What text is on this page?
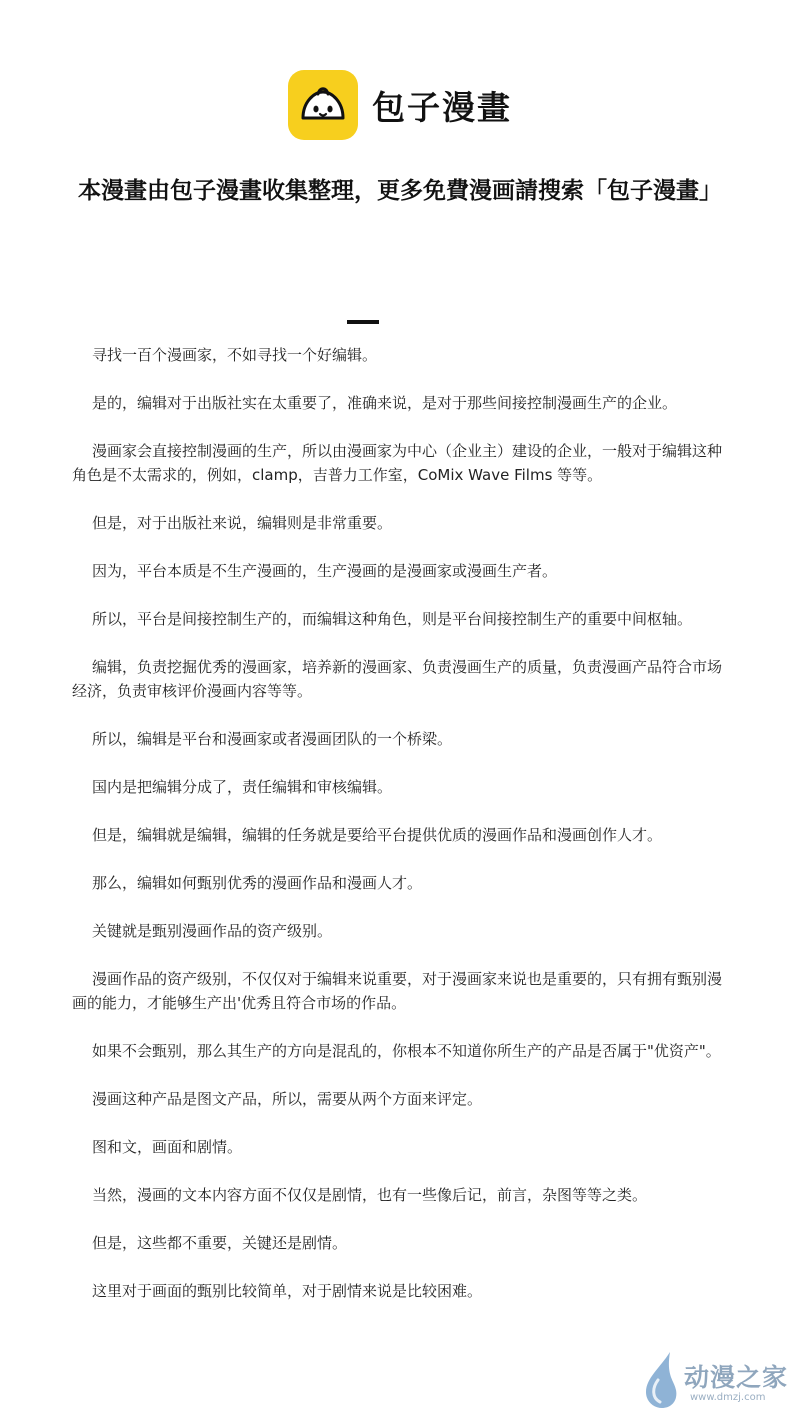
包子漫畫
本漫畫由包子漫畫收集整理，更多免費漫画請搜索「包子漫畫」

寻找一百个漫画家，不如寻找一个好编辑。

是的，编辑对于出版社实在太重要了，准确来说，是对于那些间接控制漫画生产的企业。

漫画家会直接控制漫画的生产，所以由漫画家为中心（企业主）建设的企业，一般对于编辑这种角色是不太需求的，例如，clamp，吉普力工作室，CoMix Wave Films 等等。

但是，对于出版社来说，编辑则是非常重要。

因为，平台本质是不生产漫画的，生产漫画的是漫画家或漫画生产者。

所以，平台是间接控制生产的，而编辑这种角色，则是平台间接控制生产的重要中间枢轴。

编辑，负责挖掘优秀的漫画家，培养新的漫画家、负责漫画生产的质量，负责漫画产品符合市场经济，负责审核评价漫画内容等等。

所以，编辑是平台和漫画家或者漫画团队的一个桥梁。

国内是把编辑分成了，责任编辑和审核编辑。

但是，编辑就是编辑，编辑的任务就是要给平台提供优质的漫画作品和漫画创作人才。

那么，编辑如何甄别优秀的漫画作品和漫画人才。

关键就是甄别漫画作品的资产级别。

漫画作品的资产级别，不仅仅对于编辑来说重要，对于漫画家来说也是重要的，只有拥有甄别漫画的能力，才能够生产出'优秀且符合市场的作品。

如果不会甄别，那么其生产的方向是混乱的，你根本不知道你所生产的产品是否属于"优资产"。

漫画这种产品是图文产品，所以，需要从两个方面来评定。

图和文，画面和剧情。

当然，漫画的文本内容方面不仅仅是剧情，也有一些像后记，前言，杂图等等之类。

但是，这些都不重要，关键还是剧情。

这里对于画面的甄别比较简单，对于剧情来说是比较困难。

动漫之家
www.dmzj.com
